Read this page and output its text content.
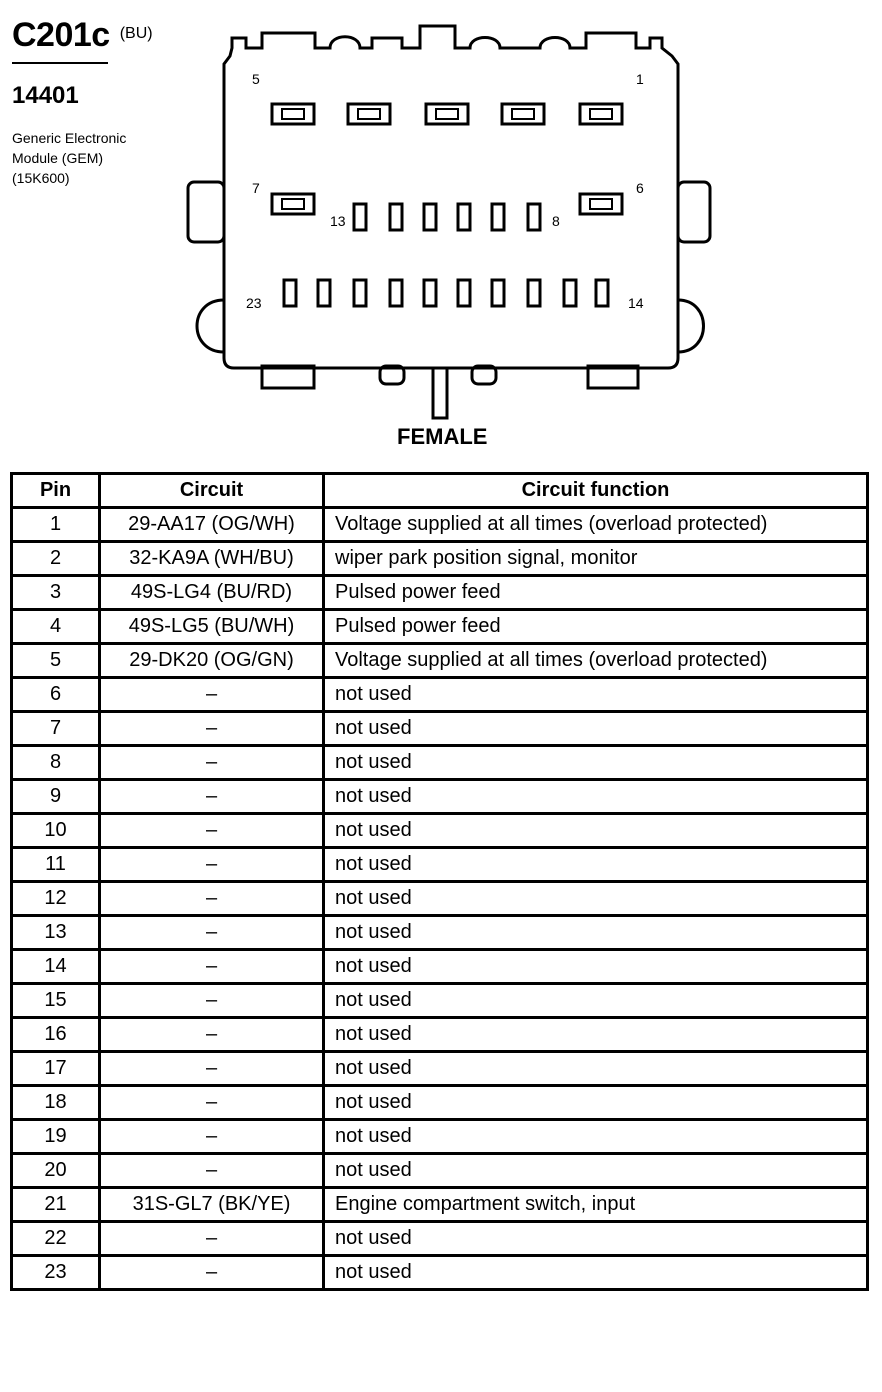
C201c (BU)
14401
Generic Electronic
Module (GEM)
(15K600)
5	1
7	6
13	8
23	14
FEMALE
Pin	Circuit	Circuit function
1	29-AA17 (OG/WH)	Voltage supplied at all times (overload protected)
2	32-KA9A (WH/BU)	wiper park position signal, monitor
3	49S-LG4 (BU/RD)	Pulsed power feed
4	49S-LG5 (BU/WH)	Pulsed power feed
5	29-DK20 (OG/GN)	Voltage supplied at all times (overload protected)
6	–	not used
7	–	not used
8	–	not used
9	–	not used
10	–	not used
11	–	not used
12	–	not used
13	–	not used
14	–	not used
15	–	not used
16	–	not used
17	–	not used
18	–	not used
19	–	not used
20	–	not used
21	31S-GL7 (BK/YE)	Engine compartment switch, input
22	–	not used
23	–	not used
